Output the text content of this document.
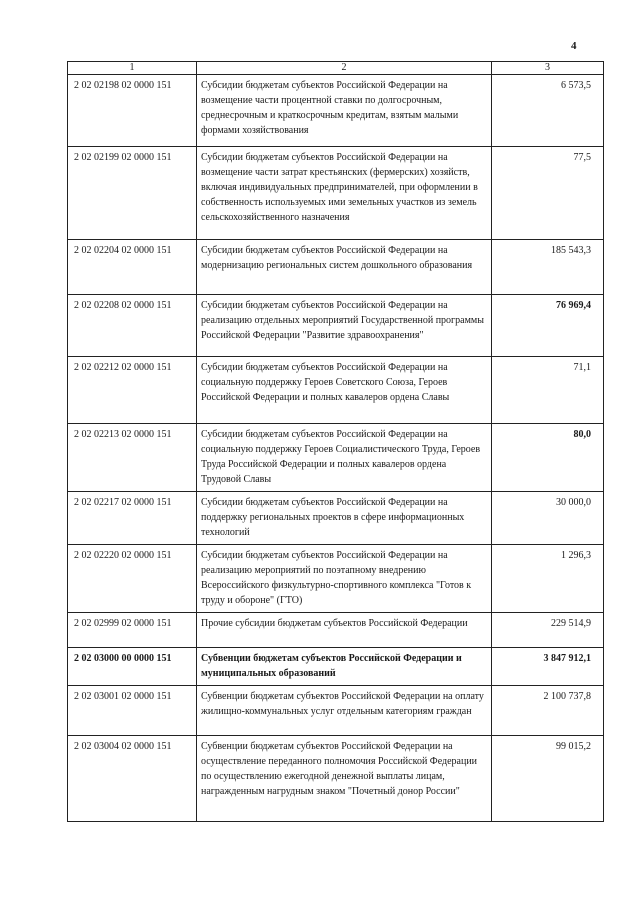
4
1	2	3
2 02 02198 02 0000 151	Субсидии бюджетам субъектов Российской Федерации на возмещение части процентной ставки по долгосрочным, среднесрочным и краткосрочным кредитам, взятым малыми формами хозяйствования	6 573,5
2 02 02199 02 0000 151	Субсидии бюджетам субъектов Российской Федерации на возмещение части затрат крестьянских (фермерских) хозяйств, включая индивидуальных предпринимателей, при оформлении в собственность используемых ими земельных участков из земель сельскохозяйственного назначения	77,5
2 02 02204 02 0000 151	Субсидии бюджетам субъектов Российской Федерации на модернизацию региональных систем дошкольного образования	185 543,3
2 02 02208 02 0000 151	Субсидии бюджетам субъектов Российской Федерации на реализацию отдельных мероприятий Государственной программы Российской Федерации "Развитие здравоохранения"	76 969,4
2 02 02212 02 0000 151	Субсидии бюджетам субъектов Российской Федерации на социальную поддержку Героев Советского Союза, Героев Российской Федерации и полных кавалеров ордена Славы	71,1
2 02 02213 02 0000 151	Субсидии бюджетам субъектов Российской Федерации на социальную поддержку Героев Социалистического Труда, Героев Труда Российской Федерации и полных кавалеров ордена Трудовой Славы	80,0
2 02 02217 02 0000 151	Субсидии бюджетам субъектов Российской Федерации на поддержку региональных проектов в сфере информационных технологий	30 000,0
2 02 02220 02 0000 151	Субсидии бюджетам субъектов Российской Федерации на реализацию мероприятий по поэтапному внедрению Всероссийского физкультурно-спортивного комплекса "Готов к труду и обороне" (ГТО)	1 296,3
2 02 02999 02 0000 151	Прочие субсидии бюджетам субъектов Российской Федерации	229 514,9
2 02 03000 00 0000 151	Субвенции бюджетам субъектов Российской Федерации и муниципальных образований	3 847 912,1
2 02 03001 02 0000 151	Субвенции бюджетам субъектов Российской Федерации на оплату жилищно-коммунальных услуг отдельным категориям граждан	2 100 737,8
2 02 03004 02 0000 151	Субвенции бюджетам субъектов Российской Федерации на осуществление переданного полномочия Российской Федерации по осуществлению ежегодной денежной выплаты лицам, награжденным нагрудным знаком "Почетный донор России"	99 015,2
